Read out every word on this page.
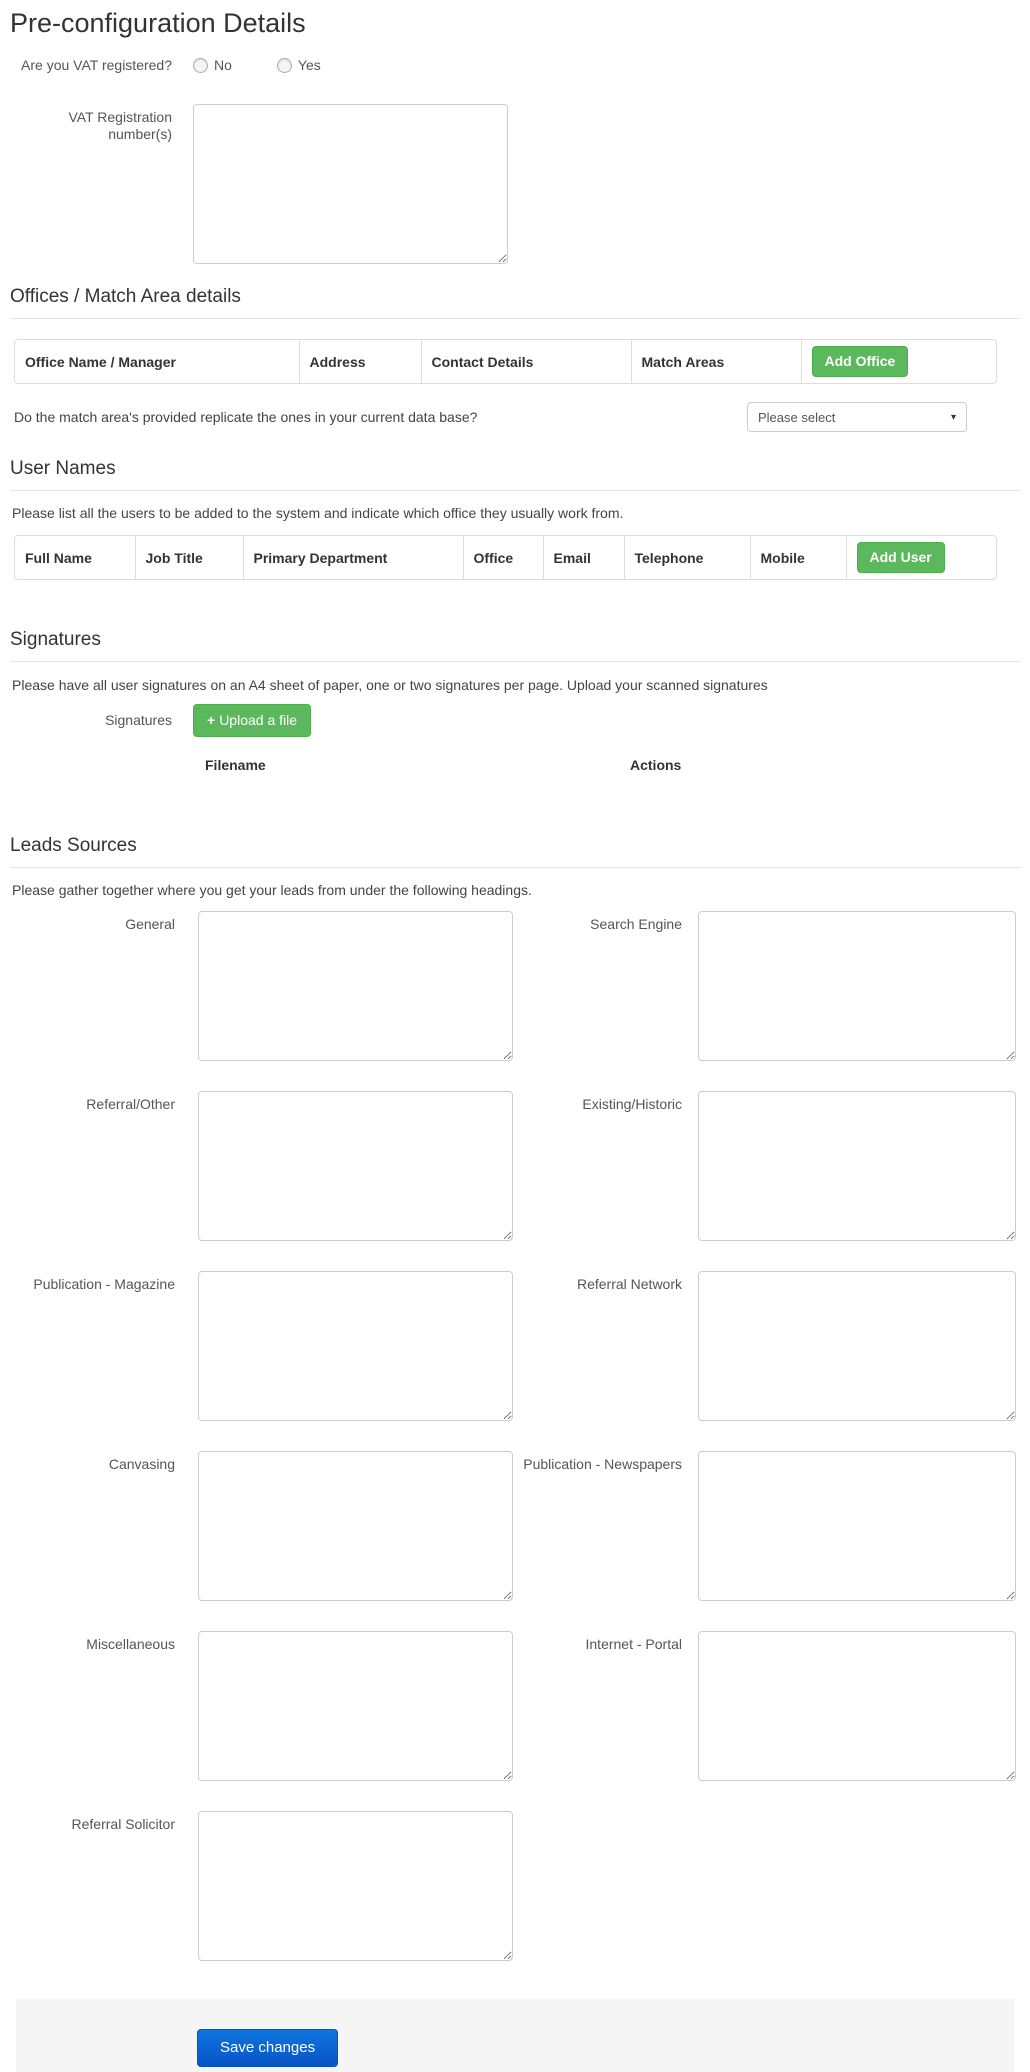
Pre-configuration Details
Are you VAT registered?	No	Yes
VAT Registration number(s)
Offices / Match Area details
Office Name / Manager	Address	Contact Details	Match Areas	Add Office
Do the match area's provided replicate the ones in your current data base?	Please select	▾
User Names

Please list all the users to be added to the system and indicate which office they usually work from.

Full Name	Job Title	Primary Department	Office	Email	Telephone	Mobile	Add User
Signatures

Please have all user signatures on an A4 sheet of paper, one or two signatures per page. Upload your scanned signatures

Signatures	+ Upload a file
Filename	Actions
Leads Sources

Please gather together where you get your leads from under the following headings.

General	Search Engine
Referral/Other	Existing/Historic
Publication - Magazine	Referral Network
Canvasing	Publication - Newspapers
Miscellaneous	Internet - Portal
Referral Solicitor
Save changes
